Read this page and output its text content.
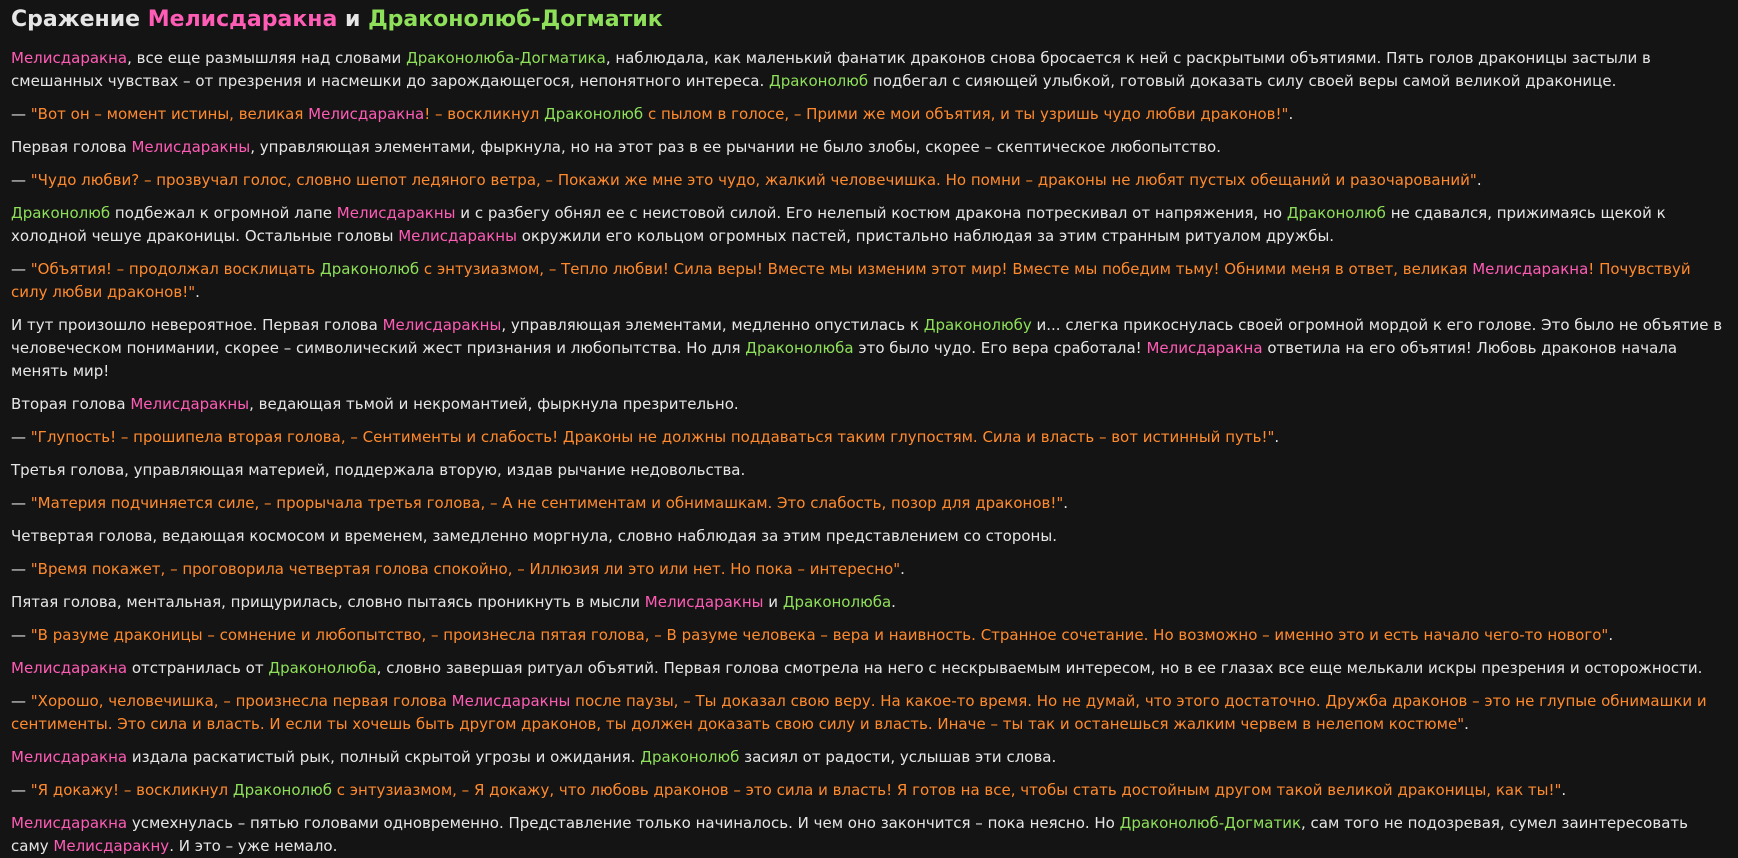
Сражение Мелисдаракна и Драконолюб-Догматик

Мелисдаракна, все еще размышляя над словами Драконолюба-Догматика, наблюдала, как маленький фанатик драконов снова бросается к ней с раскрытыми объятиями. Пять голов драконицы застыли в смешанных чувствах – от презрения и насмешки до зарождающегося, непонятного интереса. Драконолюб подбегал с сияющей улыбкой, готовый доказать силу своей веры самой великой драконице.

— "Вот он – момент истины, великая Мелисдаракна! – воскликнул Драконолюб с пылом в голосе, – Прими же мои объятия, и ты узришь чудо любви драконов!".

Первая голова Мелисдаракны, управляющая элементами, фыркнула, но на этот раз в ее рычании не было злобы, скорее – скептическое любопытство.

— "Чудо любви? – прозвучал голос, словно шепот ледяного ветра, – Покажи же мне это чудо, жалкий человечишка. Но помни – драконы не любят пустых обещаний и разочарований".

Драконолюб подбежал к огромной лапе Мелисдаракны и с разбегу обнял ее с неистовой силой. Его нелепый костюм дракона потрескивал от напряжения, но Драконолюб не сдавался, прижимаясь щекой к холодной чешуе драконицы. Остальные головы Мелисдаракны окружили его кольцом огромных пастей, пристально наблюдая за этим странным ритуалом дружбы.

— "Объятия! – продолжал восклицать Драконолюб с энтузиазмом, – Тепло любви! Сила веры! Вместе мы изменим этот мир! Вместе мы победим тьму! Обними меня в ответ, великая Мелисдаракна! Почувствуй силу любви драконов!".

И тут произошло невероятное. Первая голова Мелисдаракны, управляющая элементами, медленно опустилась к Драконолюбу и... слегка прикоснулась своей огромной мордой к его голове. Это было не объятие в человеческом понимании, скорее – символический жест признания и любопытства. Но для Драконолюба это было чудо. Его вера сработала! Мелисдаракна ответила на его объятия! Любовь драконов начала менять мир!

Вторая голова Мелисдаракны, ведающая тьмой и некромантией, фыркнула презрительно.

— "Глупость! – прошипела вторая голова, – Сентименты и слабость! Драконы не должны поддаваться таким глупостям. Сила и власть – вот истинный путь!".

Третья голова, управляющая материей, поддержала вторую, издав рычание недовольства.

— "Материя подчиняется силе, – прорычала третья голова, – А не сентиментам и обнимашкам. Это слабость, позор для драконов!".

Четвертая голова, ведающая космосом и временем, замедленно моргнула, словно наблюдая за этим представлением со стороны.

— "Время покажет, – проговорила четвертая голова спокойно, – Иллюзия ли это или нет. Но пока – интересно".

Пятая голова, ментальная, прищурилась, словно пытаясь проникнуть в мысли Мелисдаракны и Драконолюба.

— "В разуме драконицы – сомнение и любопытство, – произнесла пятая голова, – В разуме человека – вера и наивность. Странное сочетание. Но возможно – именно это и есть начало чего-то нового".

Мелисдаракна отстранилась от Драконолюба, словно завершая ритуал объятий. Первая голова смотрела на него с нескрываемым интересом, но в ее глазах все еще мелькали искры презрения и осторожности.

— "Хорошо, человечишка, – произнесла первая голова Мелисдаракны после паузы, – Ты доказал свою веру. На какое-то время. Но не думай, что этого достаточно. Дружба драконов – это не глупые обнимашки и сентименты. Это сила и власть. И если ты хочешь быть другом драконов, ты должен доказать свою силу и власть. Иначе – ты так и останешься жалким червем в нелепом костюме".

Мелисдаракна издала раскатистый рык, полный скрытой угрозы и ожидания. Драконолюб засиял от радости, услышав эти слова.

— "Я докажу! – воскликнул Драконолюб с энтузиазмом, – Я докажу, что любовь драконов – это сила и власть! Я готов на все, чтобы стать достойным другом такой великой драконицы, как ты!".

Мелисдаракна усмехнулась – пятью головами одновременно. Представление только начиналось. И чем оно закончится – пока неясно. Но Драконолюб-Догматик, сам того не подозревая, сумел заинтересовать саму Мелисдаракну. И это – уже немало.
